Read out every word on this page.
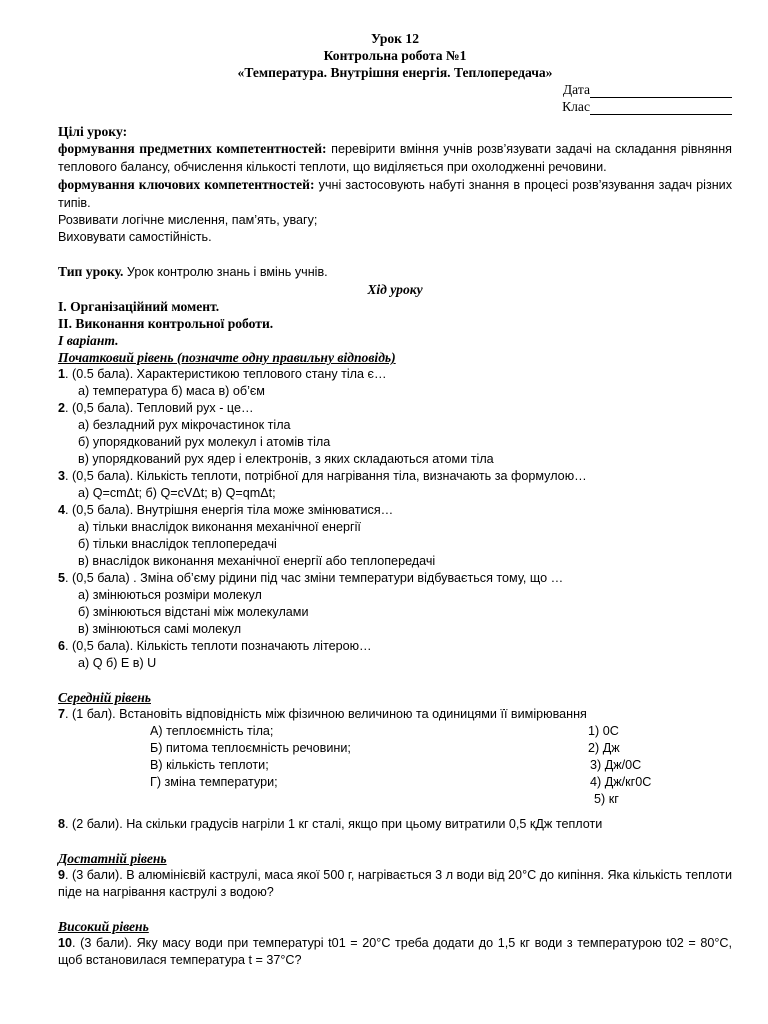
Урок 12
Контрольна робота №1
«Температура. Внутрішня енергія. Теплопередача»
Дата
Клас
Цілі уроку:
формування предметних компетентностей: перевірити вміння учнів розв’язувати задачі на складання рівняння теплового балансу, обчислення кількості теплоти, що виділяється при охолодженні речовини.
формування ключових компетентностей: учні застосовують набуті знання в процесі розв’язування задач різних типів.
Розвивати логічне мислення, пам’ять, увагу;
Виховувати самостійність.
Тип уроку. Урок контролю знань і вмінь учнів.
Хід уроку
І. Організаційний момент.
ІІ. Виконання контрольної роботи.
І варіант.
Початковий рівень (позначте одну правильну відповідь)
1. (0.5 бала). Характеристикою теплового стану тіла є…
а) температура б) маса в) об’єм
2. (0,5 бала). Тепловий рух - це…
а) безладний рух мікрочастинок тіла
б) упорядкований рух молекул і атомів тіла
в) упорядкований рух ядер і електронів, з яких складаються атоми тіла
3. (0,5 бала). Кількість теплоти, потрібної для нагрівання тіла, визначають за формулою…
а) Q=cmΔt; б) Q=cVΔt; в) Q=qmΔt;
4. (0,5 бала). Внутрішня енергія тіла може змінюватися…
а) тільки внаслідок виконання механічної енергії
б) тільки внаслідок теплопередачі
в) внаслідок виконання механічної енергії або теплопередачі
5. (0,5 бала) . Зміна об’єму рідини під час зміни температури відбувається тому, що …
а) змінюються розміри молекул
б) змінюються відстані між молекулами
в) змінюються самі молекул
6. (0,5 бала). Кількість теплоти позначають літерою…
а) Q б) E в) U
Середній рівень
7. (1 бал). Встановіть відповідність між фізичною величиною та одиницями її вимірювання
А) теплоємність тіла;	1) 0С
Б) питома теплоємність речовини;	2) Дж
В) кількість теплоти;	3) Дж/0С
Г) зміна температури;	4) Дж/кг0С
5) кг
8. (2 бали). На скільки градусів нагріли 1 кг сталі, якщо при цьому витратили 0,5 кДж теплоти
Достатній рівень
9. (3 бали). В алюмінієвій каструлі, маса якої 500 г, нагрівається 3 л води від 20°С до кипіння. Яка кількість теплоти піде на нагрівання каструлі з водою?
Високий рівень
10. (3 бали). Яку масу води при температурі t01 = 20°С треба додати до 1,5 кг води з температурою t02 = 80°С, щоб встановилася температура t = 37°С?
